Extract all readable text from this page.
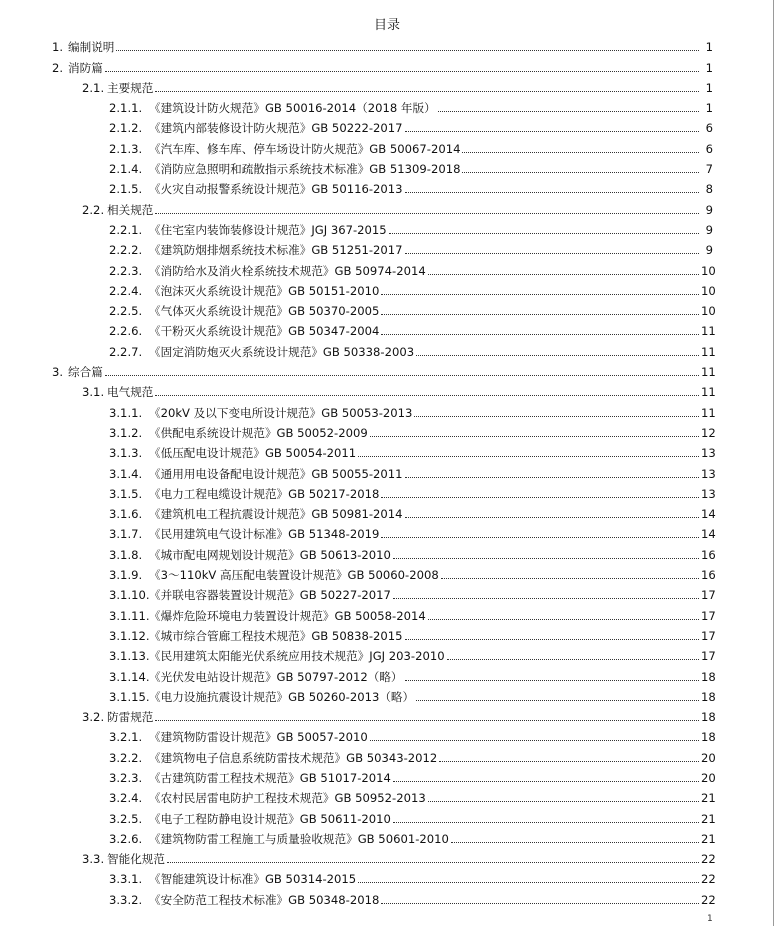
目录
1. 编制说明	1
2. 消防篇	1
2.1. 主要规范	1
2.1.1. 《建筑设计防火规范》GB 50016-2014（2018 年版）	1
2.1.2. 《建筑内部装修设计防火规范》GB 50222-2017	6
2.1.3. 《汽车库、修车库、停车场设计防火规范》GB 50067-2014	6
2.1.4. 《消防应急照明和疏散指示系统技术标准》GB 51309-2018	7
2.1.5. 《火灾自动报警系统设计规范》GB 50116-2013	8
2.2. 相关规范	9
2.2.1. 《住宅室内装饰装修设计规范》JGJ 367-2015	9
2.2.2. 《建筑防烟排烟系统技术标准》GB 51251-2017	9
2.2.3. 《消防给水及消火栓系统技术规范》GB 50974-2014	10
2.2.4. 《泡沫灭火系统设计规范》GB 50151-2010	10
2.2.5. 《气体灭火系统设计规范》GB 50370-2005	10
2.2.6. 《干粉灭火系统设计规范》GB 50347-2004	11
2.2.7. 《固定消防炮灭火系统设计规范》GB 50338-2003	11
3. 综合篇	11
3.1. 电气规范	11
3.1.1. 《20kV 及以下变电所设计规范》GB 50053-2013	11
3.1.2. 《供配电系统设计规范》GB 50052-2009	12
3.1.3. 《低压配电设计规范》GB 50054-2011	13
3.1.4. 《通用用电设备配电设计规范》GB 50055-2011	13
3.1.5. 《电力工程电缆设计规范》GB 50217-2018	13
3.1.6. 《建筑机电工程抗震设计规范》GB 50981-2014	14
3.1.7. 《民用建筑电气设计标准》GB 51348-2019	14
3.1.8. 《城市配电网规划设计规范》GB 50613-2010	16
3.1.9. 《3～110kV 高压配电装置设计规范》GB 50060-2008	16
3.1.10. 《并联电容器装置设计规范》GB 50227-2017	17
3.1.11. 《爆炸危险环境电力装置设计规范》GB 50058-2014	17
3.1.12. 《城市综合管廊工程技术规范》GB 50838-2015	17
3.1.13. 《民用建筑太阳能光伏系统应用技术规范》JGJ 203-2010	17
3.1.14. 《光伏发电站设计规范》GB 50797-2012（略）	18
3.1.15. 《电力设施抗震设计规范》GB 50260-2013（略）	18
3.2. 防雷规范	18
3.2.1. 《建筑物防雷设计规范》GB 50057-2010	18
3.2.2. 《建筑物电子信息系统防雷技术规范》GB 50343-2012	20
3.2.3. 《古建筑防雷工程技术规范》GB 51017-2014	20
3.2.4. 《农村民居雷电防护工程技术规范》GB 50952-2013	21
3.2.5. 《电子工程防静电设计规范》GB 50611-2010	21
3.2.6. 《建筑物防雷工程施工与质量验收规范》GB 50601-2010	21
3.3. 智能化规范	22
3.3.1. 《智能建筑设计标准》GB 50314-2015	22
3.3.2. 《安全防范工程技术标准》GB 50348-2018	22
1
